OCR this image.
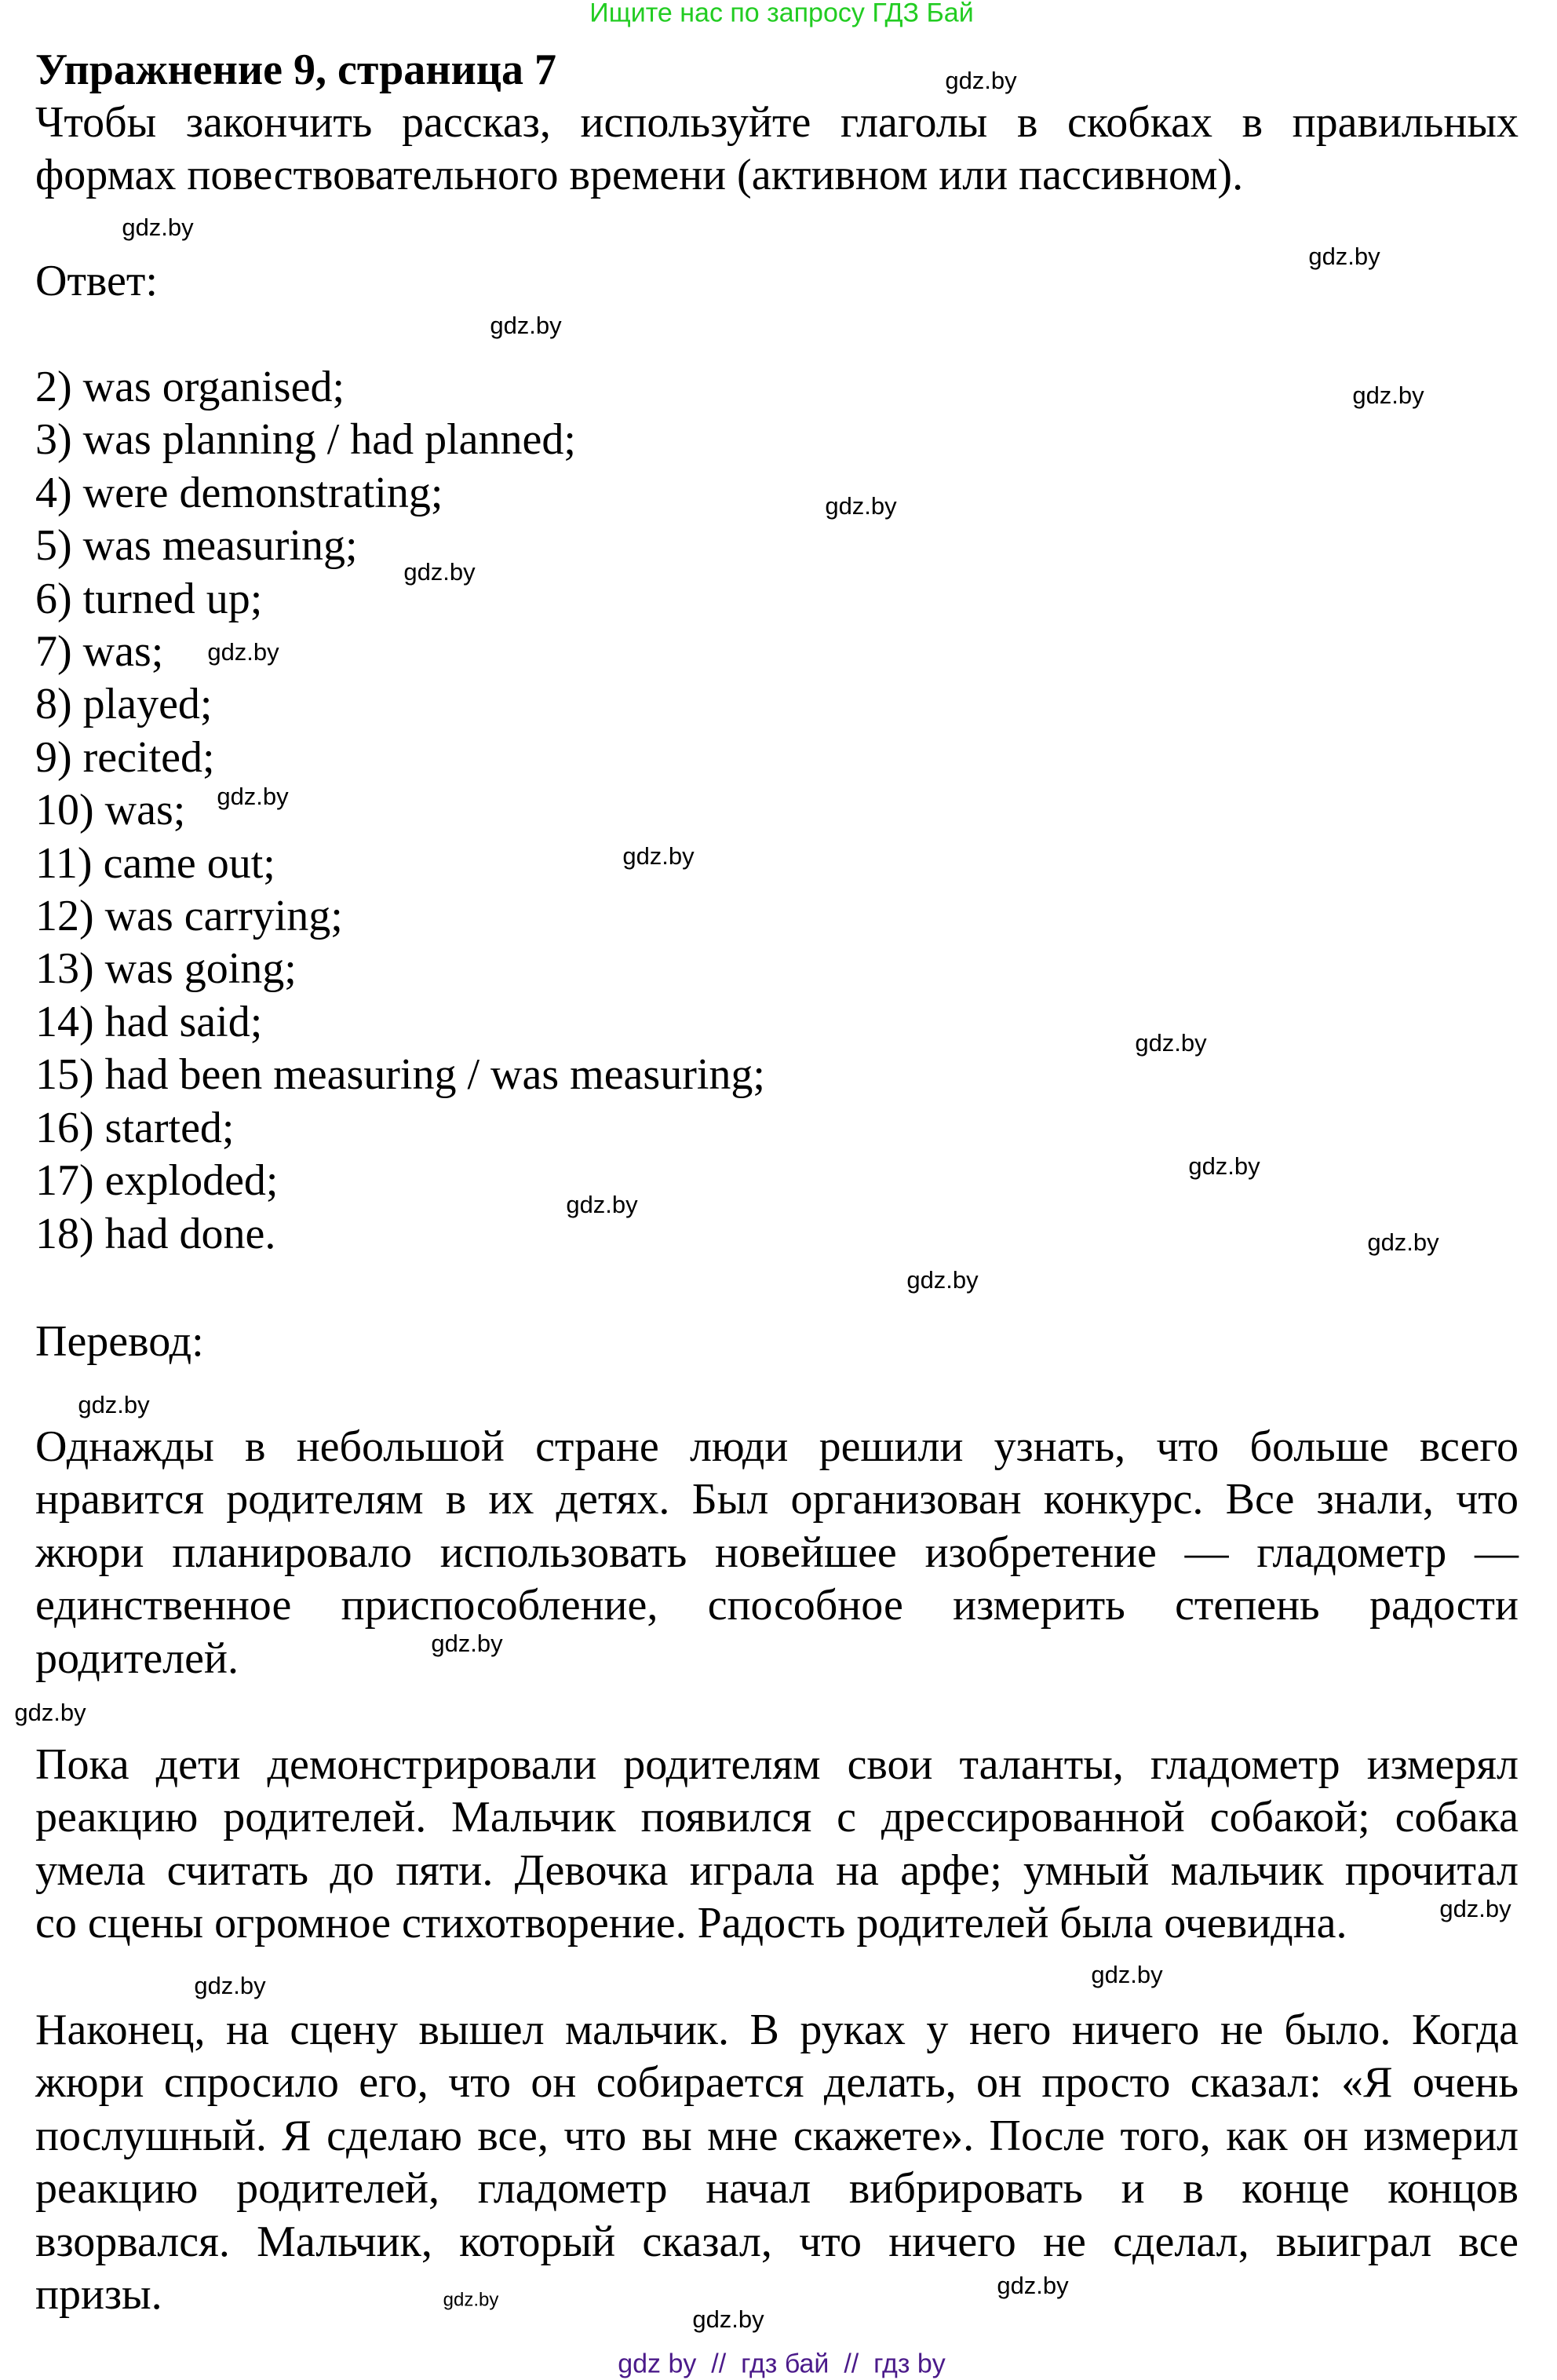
Ищите нас по запросу ГДЗ Бай
Упражнение 9, страница 7
Чтобы закончить рассказ, используйте глаголы в скобках в правильных
формах повествовательного времени (активном или пассивном).
Ответ:
2) was organised;
3) was planning / had planned;
4) were demonstrating;
5) was measuring;
6) turned up;
7) was;
8) played;
9) recited;
10) was;
11) came out;
12) was carrying;
13) was going;
14) had said;
15) had been measuring / was measuring;
16) started;
17) exploded;
18) had done.
Перевод:
Однажды в небольшой стране люди решили узнать, что больше всего
нравится родителям в их детях. Был организован конкурс. Все знали, что
жюри планировало использовать новейшее изобретение — гладометр —
единственное приспособление, способное измерить степень радости
родителей.
Пока дети демонстрировали родителям свои таланты, гладометр измерял
реакцию родителей. Мальчик появился с дрессированной собакой; собака
умела считать до пяти. Девочка играла на арфе; умный мальчик прочитал
со сцены огромное стихотворение. Радость родителей была очевидна.
Наконец, на сцену вышел мальчик. В руках у него ничего не было. Когда
жюри спросило его, что он собирается делать, он просто сказал: «Я очень
послушный. Я сделаю все, что вы мне скажете». После того, как он измерил
реакцию родителей, гладометр начал вибрировать и в конце концов
взорвался. Мальчик, который сказал, что ничего не сделал, выиграл все
призы.
gdz.by
gdz.by
gdz.by
gdz.by
gdz.by
gdz.by
gdz.by
gdz.by
gdz.by
gdz.by
gdz.by
gdz.by
gdz.by
gdz.by
gdz.by
gdz.by
gdz.by
gdz.by
gdz.by
gdz.by
gdz.by
gdz.by
gdz.by
gdz.by
gdz by  //  гдз бай  //  гдз by
